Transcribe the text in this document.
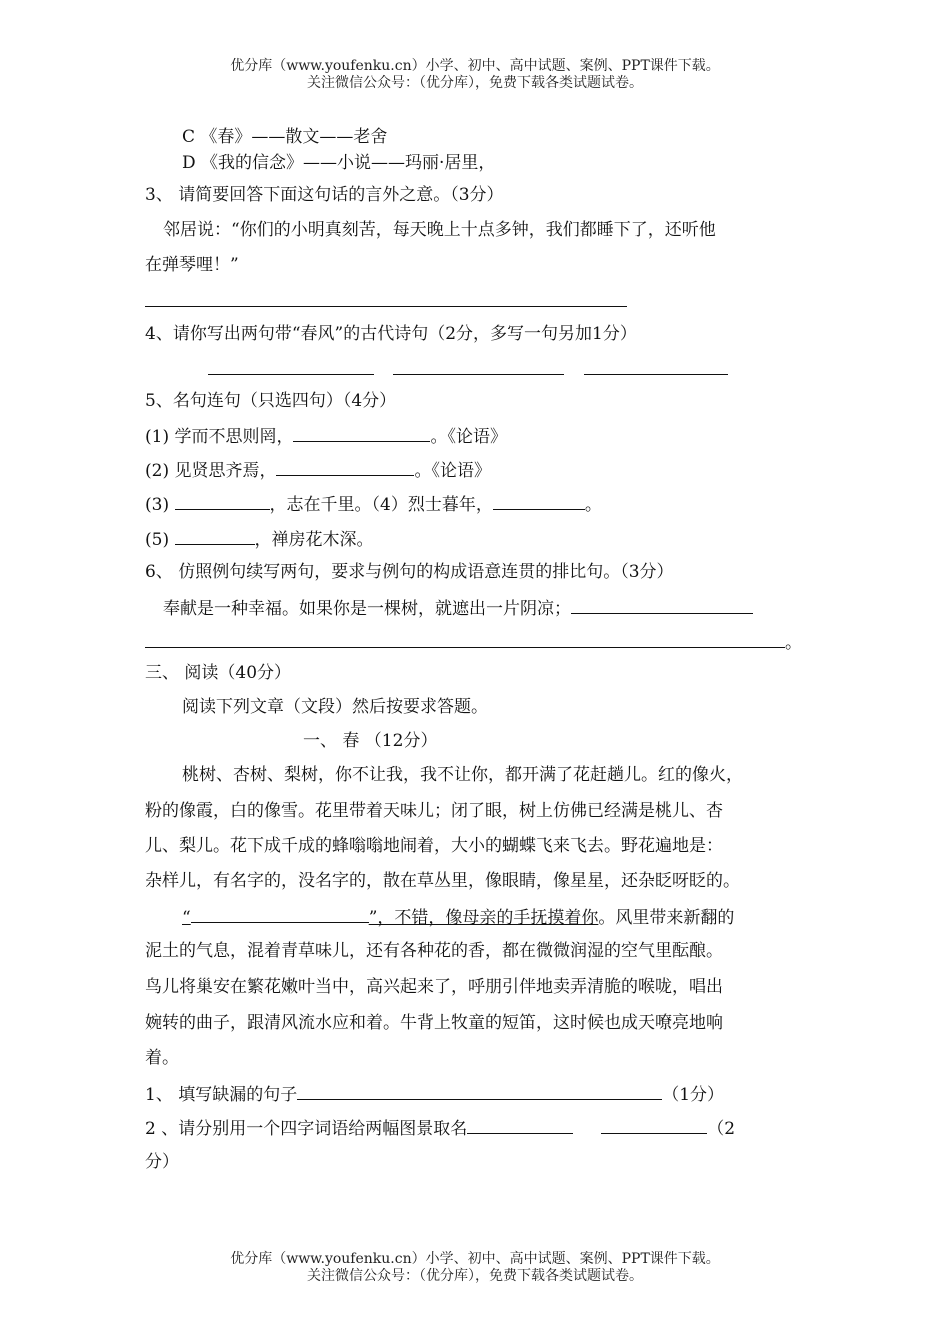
优分库（www.youfenku.cn）小学、初中、高中试题、案例、PPT课件下载。
关注微信公众号：（优分库），免费下载各类试题试卷。
C 《春》——散文——老舍
D 《我的信念》——小说——玛丽·居里，
3、 请简要回答下面这句话的言外之意。（3分）
邻居说：“你们的小明真刻苦，每天晚上十点多钟，我们都睡下了，还听他
在弹琴哩！”
4、请你写出两句带“春风”的古代诗句（2分，多写一句另加1分）
5、名句连句（只选四句）（4分）
(1) 学而不思则罔，	。《论语》
(2) 见贤思齐焉，	。《论语》
(3)	，志在千里。（4）烈士暮年，	。
(5)	，禅房花木深。
6、 仿照例句续写两句，要求与例句的构成语意连贯的排比句。（3分）
奉献是一种幸福。如果你是一棵树，就遮出一片阴凉；
。
三、 阅读（40分）
阅读下列文章（文段）然后按要求答题。
一、 春 （12分）
桃树、杏树、梨树，你不让我，我不让你，都开满了花赶趟儿。红的像火，
粉的像霞，白的像雪。花里带着天味儿；闭了眼，树上仿佛已经满是桃儿、杏
儿、梨儿。花下成千成的蜂嗡嗡地闹着，大小的蝴蝶飞来飞去。野花遍地是：
杂样儿，有名字的，没名字的，散在草丛里，像眼睛，像星星，还杂眨呀眨的。
“	”，不错，像母亲的手抚摸着你。风里带来新翻的
泥土的气息，混着青草味儿，还有各种花的香，都在微微润湿的空气里酝酿。
鸟儿将巢安在繁花嫩叶当中，高兴起来了，呼朋引伴地卖弄清脆的喉咙，唱出
婉转的曲子，跟清风流水应和着。牛背上牧童的短笛，这时候也成天嘹亮地响
着。
1、 填写缺漏的句子	（1分）
2 、请分别用一个四字词语给两幅图景取名	（2
分）
优分库（www.youfenku.cn）小学、初中、高中试题、案例、PPT课件下载。
关注微信公众号：（优分库），免费下载各类试题试卷。
